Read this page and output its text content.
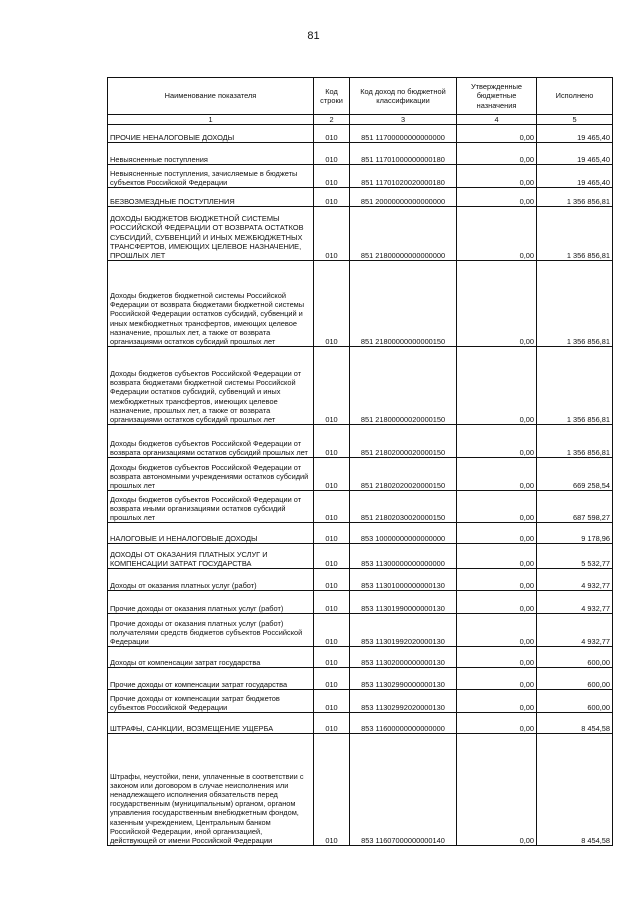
81
Наименование показателя	Код строки	Код доход по бюджетной классификации	Утвержденные бюджетные назначения	Исполнено
1	2	3	4	5
ПРОЧИЕ НЕНАЛОГОВЫЕ ДОХОДЫ	010	851 11700000000000000	0,00	19 465,40
Невыясненные поступления	010	851 11701000000000180	0,00	19 465,40
Невыясненные поступления, зачисляемые в бюджеты субъектов Российской Федерации	010	851 11701020020000180	0,00	19 465,40
БЕЗВОЗМЕЗДНЫЕ ПОСТУПЛЕНИЯ	010	851 20000000000000000	0,00	1 356 856,81
ДОХОДЫ БЮДЖЕТОВ БЮДЖЕТНОЙ СИСТЕМЫ РОССИЙСКОЙ ФЕДЕРАЦИИ ОТ ВОЗВРАТА ОСТАТКОВ СУБСИДИЙ, СУБВЕНЦИЙ И ИНЫХ МЕЖБЮДЖЕТНЫХ ТРАНСФЕРТОВ, ИМЕЮЩИХ ЦЕЛЕВОЕ НАЗНАЧЕНИЕ, ПРОШЛЫХ ЛЕТ	010	851 21800000000000000	0,00	1 356 856,81
Доходы бюджетов бюджетной системы Российской Федерации от возврата бюджетами бюджетной системы Российской Федерации остатков субсидий, субвенций и иных межбюджетных трансфертов, имеющих целевое назначение, прошлых лет, а также от возврата организациями остатков субсидий прошлых лет	010	851 21800000000000150	0,00	1 356 856,81
Доходы бюджетов субъектов Российской Федерации от возврата бюджетами бюджетной системы Российской Федерации остатков субсидий, субвенций и иных межбюджетных трансфертов, имеющих целевое назначение, прошлых лет, а также от возврата организациями остатков субсидий прошлых лет	010	851 21800000020000150	0,00	1 356 856,81
Доходы бюджетов субъектов Российской Федерации от возврата организациями остатков субсидий прошлых лет	010	851 21802000020000150	0,00	1 356 856,81
Доходы бюджетов субъектов Российской Федерации от возврата автономными учреждениями остатков субсидий прошлых лет	010	851 21802020020000150	0,00	669 258,54
Доходы бюджетов субъектов Российской Федерации от возврата иными организациями остатков субсидий прошлых лет	010	851 21802030020000150	0,00	687 598,27
НАЛОГОВЫЕ И НЕНАЛОГОВЫЕ ДОХОДЫ	010	853 10000000000000000	0,00	9 178,96
ДОХОДЫ ОТ ОКАЗАНИЯ ПЛАТНЫХ УСЛУГ И КОМПЕНСАЦИИ ЗАТРАТ ГОСУДАРСТВА	010	853 11300000000000000	0,00	5 532,77
Доходы от оказания платных услуг (работ)	010	853 11301000000000130	0,00	4 932,77
Прочие доходы от оказания платных услуг (работ)	010	853 11301990000000130	0,00	4 932,77
Прочие доходы от оказания платных услуг (работ) получателями средств бюджетов субъектов Российской Федерации	010	853 11301992020000130	0,00	4 932,77
Доходы от компенсации затрат государства	010	853 11302000000000130	0,00	600,00
Прочие доходы от компенсации затрат государства	010	853 11302990000000130	0,00	600,00
Прочие доходы от компенсации затрат бюджетов субъектов Российской Федерации	010	853 11302992020000130	0,00	600,00
ШТРАФЫ, САНКЦИИ, ВОЗМЕЩЕНИЕ УЩЕРБА	010	853 11600000000000000	0,00	8 454,58
Штрафы, неустойки, пени, уплаченные в соответствии с законом или договором в случае неисполнения или ненадлежащего исполнения обязательств перед государственным (муниципальным) органом, органом управления государственным внебюджетным фондом, казенным учреждением, Центральным банком Российской Федерации, иной организацией, действующей от имени Российской Федерации	010	853 11607000000000140	0,00	8 454,58
